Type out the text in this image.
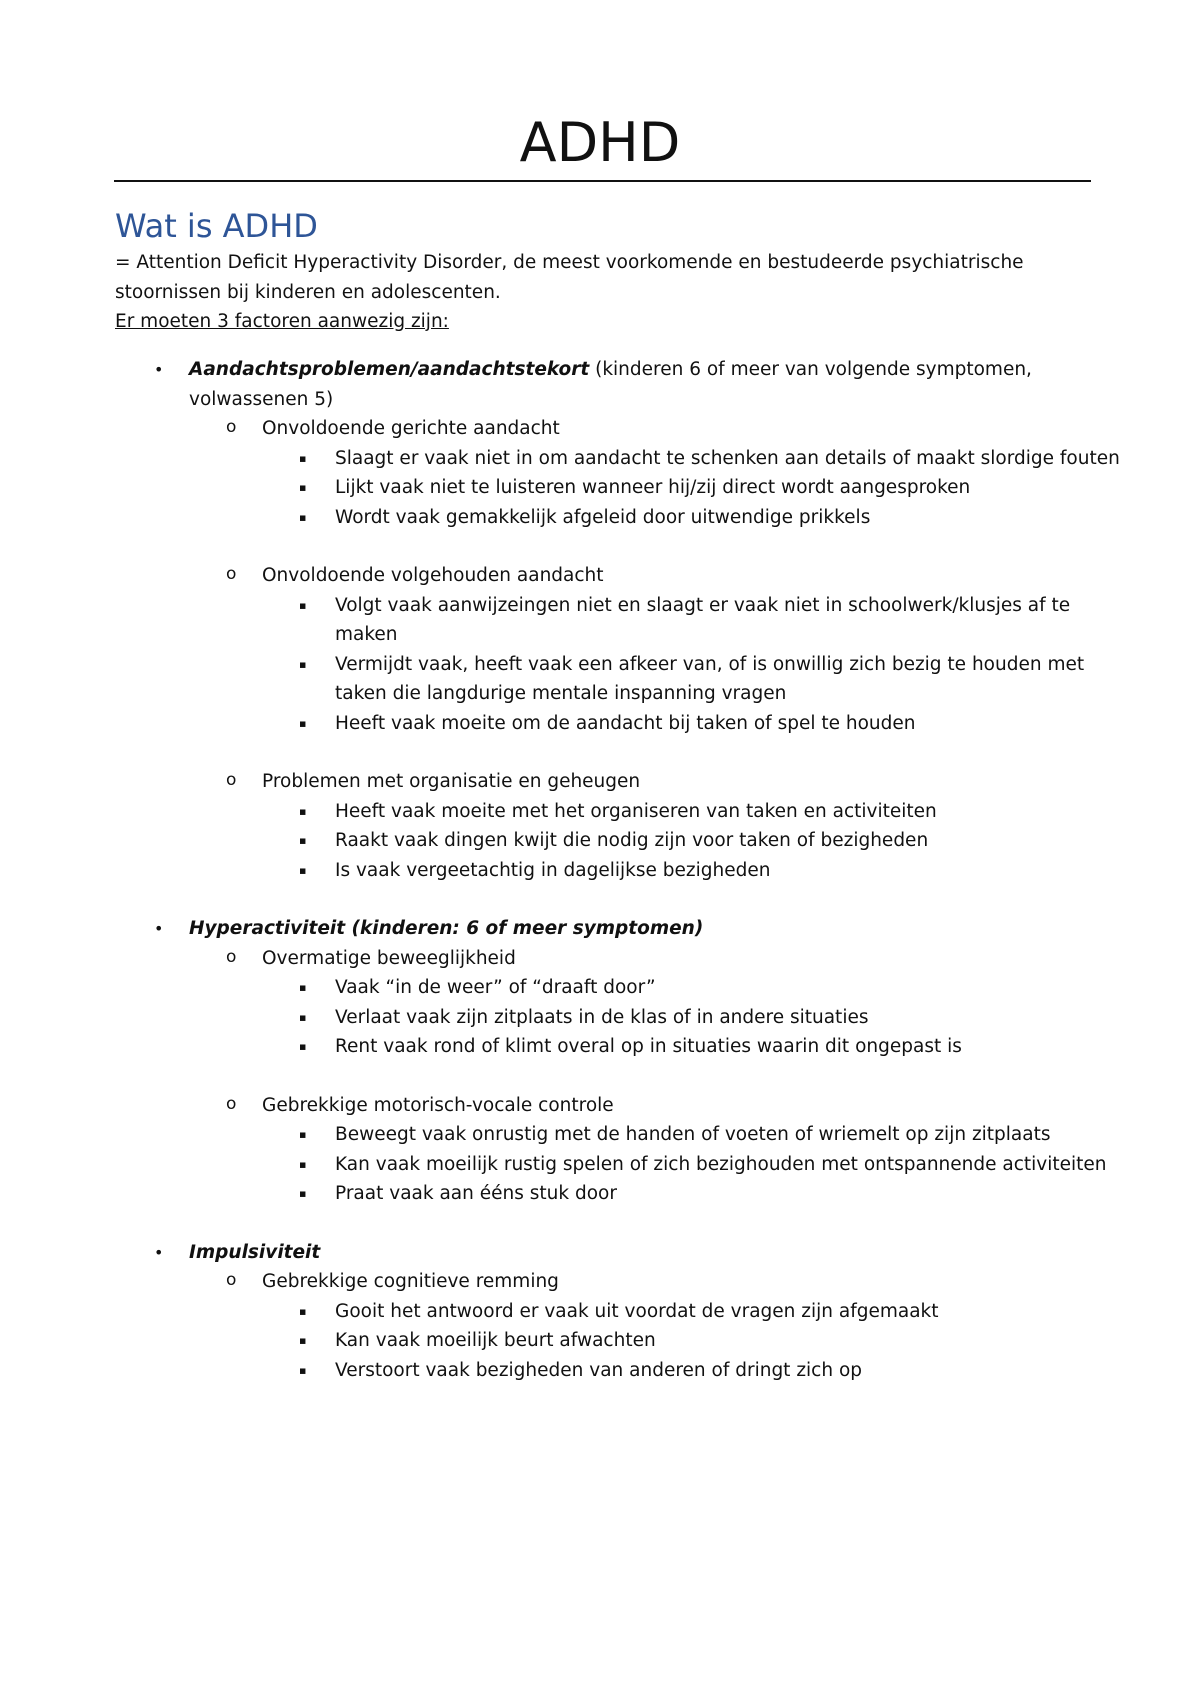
ADHD
Wat is ADHD
= Attention Deficit Hyperactivity Disorder, de meest voorkomende en bestudeerde psychiatrische
stoornissen bij kinderen en adolescenten.
Er moeten 3 factoren aanwezig zijn:
• Aandachtsproblemen/aandachtstekort (kinderen 6 of meer van volgende symptomen,
volwassenen 5)
o Onvoldoende gerichte aandacht
▪ Slaagt er vaak niet in om aandacht te schenken aan details of maakt slordige fouten
▪ Lijkt vaak niet te luisteren wanneer hij/zij direct wordt aangesproken
▪ Wordt vaak gemakkelijk afgeleid door uitwendige prikkels
o Onvoldoende volgehouden aandacht
▪ Volgt vaak aanwijzeingen niet en slaagt er vaak niet in schoolwerk/klusjes af te
maken
▪ Vermijdt vaak, heeft vaak een afkeer van, of is onwillig zich bezig te houden met
taken die langdurige mentale inspanning vragen
▪ Heeft vaak moeite om de aandacht bij taken of spel te houden
o Problemen met organisatie en geheugen
▪ Heeft vaak moeite met het organiseren van taken en activiteiten
▪ Raakt vaak dingen kwijt die nodig zijn voor taken of bezigheden
▪ Is vaak vergeetachtig in dagelijkse bezigheden
• Hyperactiviteit (kinderen: 6 of meer symptomen)
o Overmatige beweeglijkheid
▪ Vaak “in de weer” of “draaft door”
▪ Verlaat vaak zijn zitplaats in de klas of in andere situaties
▪ Rent vaak rond of klimt overal op in situaties waarin dit ongepast is
o Gebrekkige motorisch-vocale controle
▪ Beweegt vaak onrustig met de handen of voeten of wriemelt op zijn zitplaats
▪ Kan vaak moeilijk rustig spelen of zich bezighouden met ontspannende activiteiten
▪ Praat vaak aan ééns stuk door
• Impulsiviteit
o Gebrekkige cognitieve remming
▪ Gooit het antwoord er vaak uit voordat de vragen zijn afgemaakt
▪ Kan vaak moeilijk beurt afwachten
▪ Verstoort vaak bezigheden van anderen of dringt zich op
